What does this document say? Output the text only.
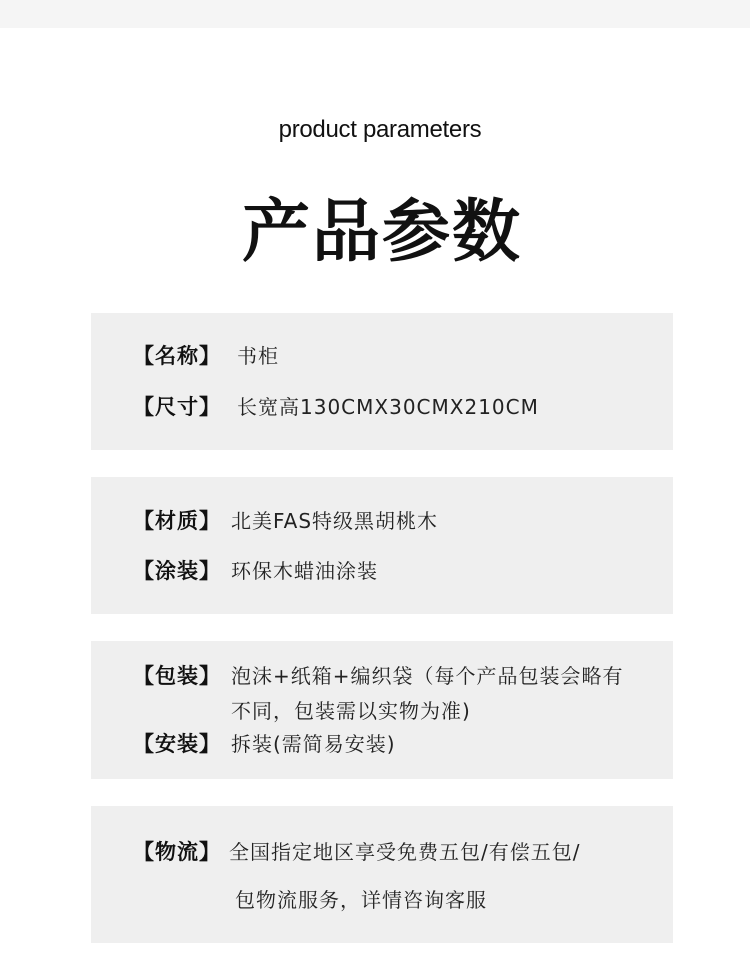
product parameters
产品参数
【名称】 书柜
【尺寸】 长宽高130CMX30CMX210CM
【材质】 北美FAS特级黑胡桃木
【涂装】 环保木蜡油涂装
【包装】 泡沫+纸箱+编织袋（每个产品包装会略有
不同，包装需以实物为准)
【安装】 拆装(需简易安装)
【物流】 全国指定地区享受免费五包/有偿五包/
包物流服务，详情咨询客服
